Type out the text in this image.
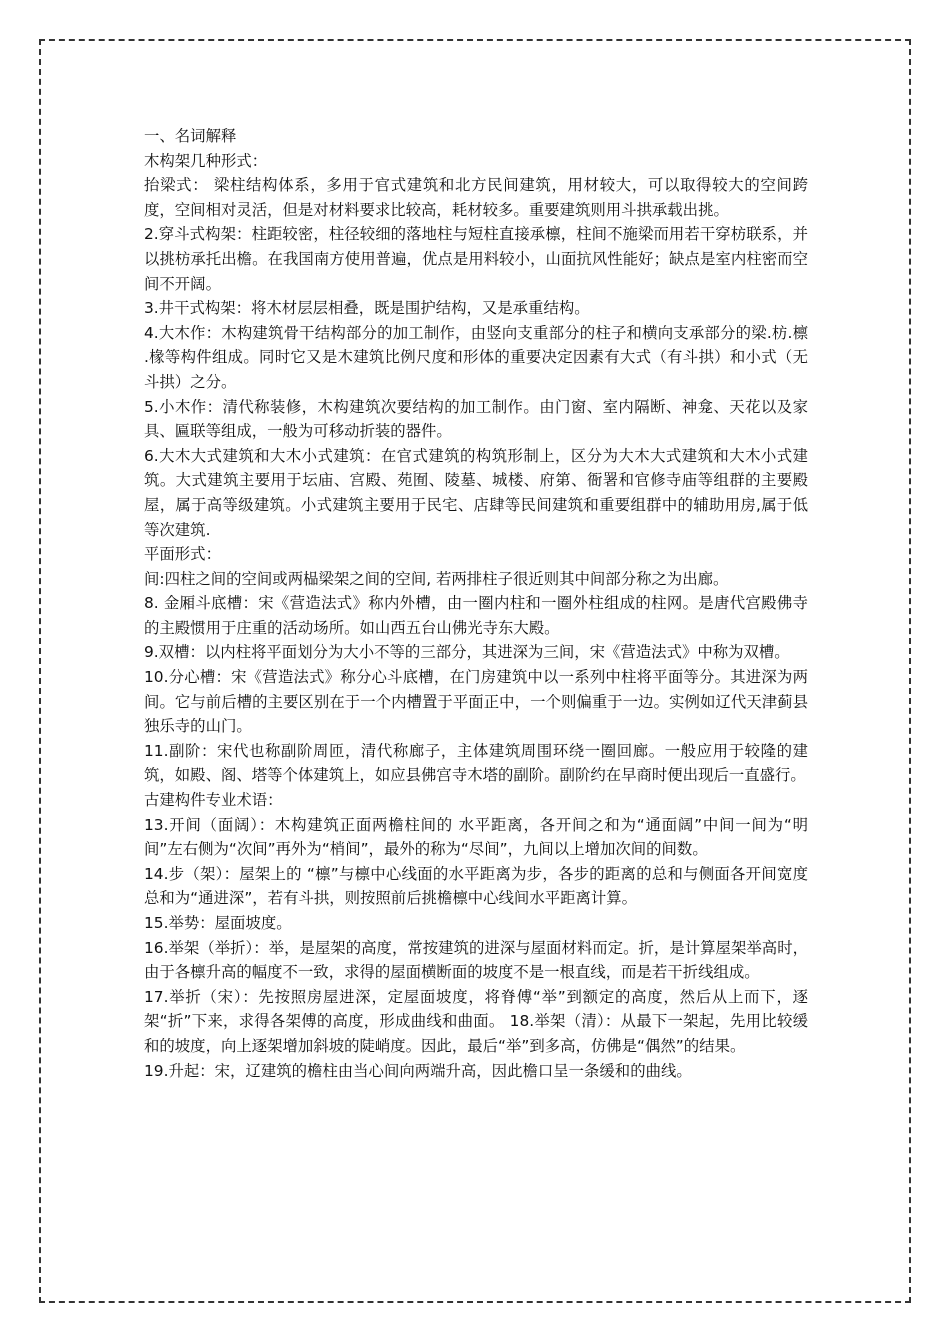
一、名词解释

木构架几种形式：

抬梁式： 梁柱结构体系，多用于官式建筑和北方民间建筑，用材较大，可以取得较大的空间跨度，空间相对灵活，但是对材料要求比较高，耗材较多。重要建筑则用斗拱承载出挑。

2.穿斗式构架：柱距较密，柱径较细的落地柱与短柱直接承檩，柱间不施梁而用若干穿枋联系，并以挑枋承托出檐。在我国南方使用普遍，优点是用料较小，山面抗风性能好；缺点是室内柱密而空间不开阔。

3.井干式构架：将木材层层相叠，既是围护结构，又是承重结构。

4.大木作：木构建筑骨干结构部分的加工制作，由竖向支重部分的柱子和横向支承部分的梁.枋.檩 .椽等构件组成。同时它又是木建筑比例尺度和形体的重要决定因素有大式（有斗拱）和小式（无斗拱）之分。

5.小木作：清代称装修，木构建筑次要结构的加工制作。由门窗、室内隔断、神龛、天花以及家具、匾联等组成，一般为可移动折装的器件。

6.大木大式建筑和大木小式建筑：在官式建筑的构筑形制上，区分为大木大式建筑和大木小式建筑。大式建筑主要用于坛庙、宫殿、苑囿、陵墓、城楼、府第、衙署和官修寺庙等组群的主要殿屋，属于高等级建筑。小式建筑主要用于民宅、店肆等民间建筑和重要组群中的辅助用房,属于低等次建筑.

平面形式：

间:四柱之间的空间或两榀梁架之间的空间, 若两排柱子很近则其中间部分称之为出廊。

8. 金厢斗底槽：宋《营造法式》称内外槽，由一圈内柱和一圈外柱组成的柱网。是唐代宫殿佛寺的主殿惯用于庄重的活动场所。如山西五台山佛光寺东大殿。

9.双槽：以内柱将平面划分为大小不等的三部分，其进深为三间，宋《营造法式》中称为双槽。

10.分心槽：宋《营造法式》称分心斗底槽，在门房建筑中以一系列中柱将平面等分。其进深为两间。它与前后槽的主要区别在于一个内槽置于平面正中，一个则偏重于一边。实例如辽代天津蓟县独乐寺的山门。

11.副阶：宋代也称副阶周匝，清代称廊子，主体建筑周围环绕一圈回廊。一般应用于较隆的建筑，如殿、阁、塔等个体建筑上，如应县佛宫寺木塔的副阶。副阶约在早商时便出现后一直盛行。

古建构件专业术语：

13.开间（面阔）：木构建筑正面两檐柱间的 水平距离，各开间之和为“通面阔”中间一间为“明间”左右侧为“次间”再外为“梢间”，最外的称为“尽间”，九间以上增加次间的间数。

14.步（架）：屋架上的 “檩”与檩中心线面的水平距离为步，各步的距离的总和与侧面各开间宽度总和为“通进深”，若有斗拱，则按照前后挑檐檩中心线间水平距离计算。

15.举势：屋面坡度。

16.举架（举折）：举，是屋架的高度，常按建筑的进深与屋面材料而定。折，是计算屋架举高时，由于各檩升高的幅度不一致，求得的屋面横断面的坡度不是一根直线，而是若干折线组成。

17.举折（宋）：先按照房屋进深，定屋面坡度，将脊傅“举”到额定的高度，然后从上而下，逐架“折”下来，求得各架傅的高度，形成曲线和曲面。 18.举架（清）：从最下一架起，先用比较缓和的坡度，向上逐架增加斜坡的陡峭度。因此，最后“举”到多高，仿佛是“偶然”的结果。

19.升起：宋，辽建筑的檐柱由当心间向两端升高，因此檐口呈一条缓和的曲线。
